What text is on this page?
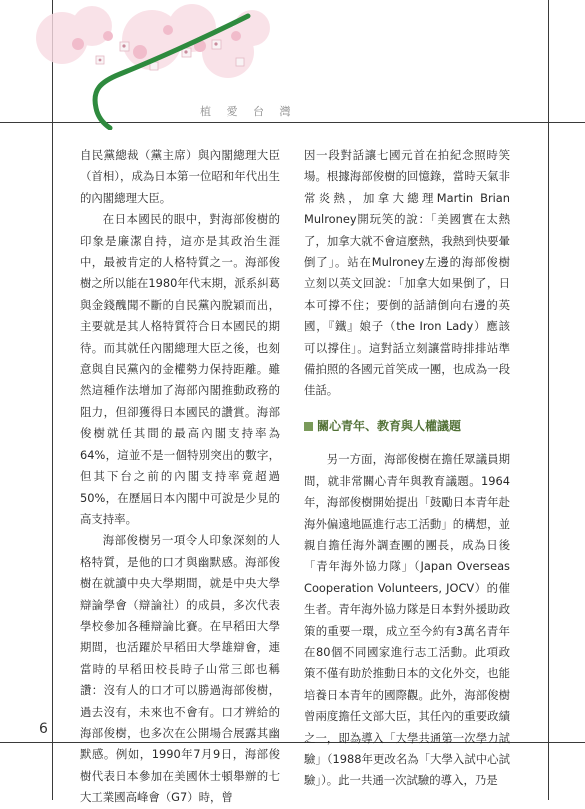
植 愛 台 灣

自民黨總裁（黨主席）與內閣總理大臣（首相），成為日本第一位昭和年代出生的內閣總理大臣。

在日本國民的眼中，對海部俊樹的印象是廉潔自持，這亦是其政治生涯中，最被肯定的人格特質之一。海部俊樹之所以能在1980年代末期，派系糾葛與金錢醜聞不斷的自民黨內脫穎而出，主要就是其人格特質符合日本國民的期待。而其就任內閣總理大臣之後，也刻意與自民黨內的金權勢力保持距離。雖然這種作法增加了海部內閣推動政務的阻力，但卻獲得日本國民的讚賞。海部俊樹就任其間的最高內閣支持率為64%，這並不是一個特別突出的數字，但其下台之前的內閣支持率竟超過50%，在歷屆日本內閣中可說是少見的高支持率。

海部俊樹另一項令人印象深刻的人格特質，是他的口才與幽默感。海部俊樹在就讀中央大學期間，就是中央大學辯論學會（辯論社）的成員，多次代表學校參加各種辯論比賽。在早稻田大學期間，也活躍於早稻田大學雄辯會，連當時的早稻田校長時子山常三郎也稱讚：沒有人的口才可以勝過海部俊樹，過去沒有，未來也不會有。口才辨給的海部俊樹，也多次在公開場合展露其幽默感。例如，1990年7月9日，海部俊樹代表日本參加在美國休士頓舉辦的七大工業國高峰會（G7）時，曾

因一段對話讓七國元首在拍紀念照時笑場。根據海部俊樹的回憶錄，當時天氣非常炎熱，加拿大總理Martin Brian Mulroney開玩笑的說：「美國實在太熱了，加拿大就不會這麼熱，我熱到快要暈倒了」。站在Mulroney左邊的海部俊樹立刻以英文回說：「加拿大如果倒了，日本可撐不住；要倒的話請倒向右邊的英國，『鐵』娘子（the Iron Lady）應該可以撐住」。這對話立刻讓當時排排站準備拍照的各國元首笑成一團，也成為一段佳話。

關心青年、教育與人權議題

另一方面，海部俊樹在擔任眾議員期間，就非常關心青年與教育議題。1964年，海部俊樹開始提出「鼓勵日本青年赴海外偏遠地區進行志工活動」的構想，並親自擔任海外調查團的團長，成為日後「青年海外協力隊」（Japan Overseas Cooperation Volunteers, JOCV）的催生者。青年海外協力隊是日本對外援助政策的重要一環，成立至今約有3萬名青年在80個不同國家進行志工活動。此項政策不僅有助於推動日本的文化外交，也能培養日本青年的國際觀。此外，海部俊樹曾兩度擔任文部大臣，其任內的重要政績之一，即為導入「大學共通第一次學力試驗」（1988年更改名為「大學入試中心試驗」）。此一共通一次試驗的導入，乃是

6
